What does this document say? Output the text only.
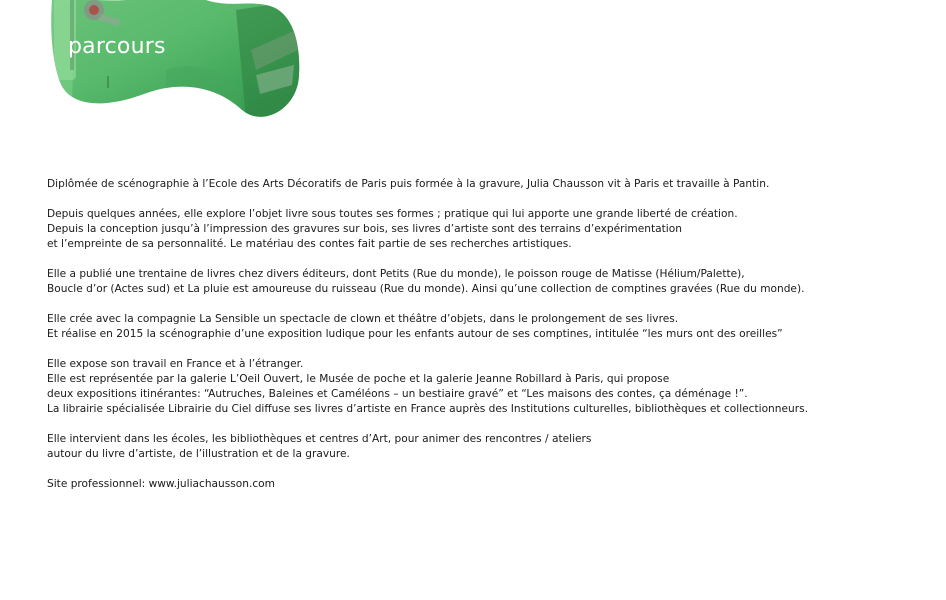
parcours

Diplômée de scénographie à l’Ecole des Arts Décoratifs de Paris puis formée à la gravure, Julia Chausson vit à Paris et travaille à Pantin.

Depuis quelques années, elle explore l’objet livre sous toutes ses formes ; pratique qui lui apporte une grande liberté de création.
Depuis la conception jusqu’à l’impression des gravures sur bois, ses livres d’artiste sont des terrains d’expérimentation
et l’empreinte de sa personnalité. Le matériau des contes fait partie de ses recherches artistiques.

Elle a publié une trentaine de livres chez divers éditeurs, dont Petits (Rue du monde), le poisson rouge de Matisse (Hélium/Palette),
Boucle d’or (Actes sud) et La pluie est amoureuse du ruisseau (Rue du monde). Ainsi qu’une collection de comptines gravées (Rue du monde).

Elle crée avec la compagnie La Sensible un spectacle de clown et théâtre d’objets, dans le prolongement de ses livres.
Et réalise en 2015 la scénographie d’une exposition ludique pour les enfants autour de ses comptines, intitulée “les murs ont des oreilles”

Elle expose son travail en France et à l’étranger.
Elle est représentée par la galerie L’Oeil Ouvert, le Musée de poche et la galerie Jeanne Robillard à Paris, qui propose
deux expositions itinérantes: “Autruches, Baleines et Caméléons – un bestiaire gravé” et “Les maisons des contes, ça déménage !”.
La librairie spécialisée Librairie du Ciel diffuse ses livres d’artiste en France auprès des Institutions culturelles, bibliothèques et collectionneurs.

Elle intervient dans les écoles, les bibliothèques et centres d’Art, pour animer des rencontres / ateliers
autour du livre d’artiste, de l’illustration et de la gravure.

Site professionnel: www.juliachausson.com
